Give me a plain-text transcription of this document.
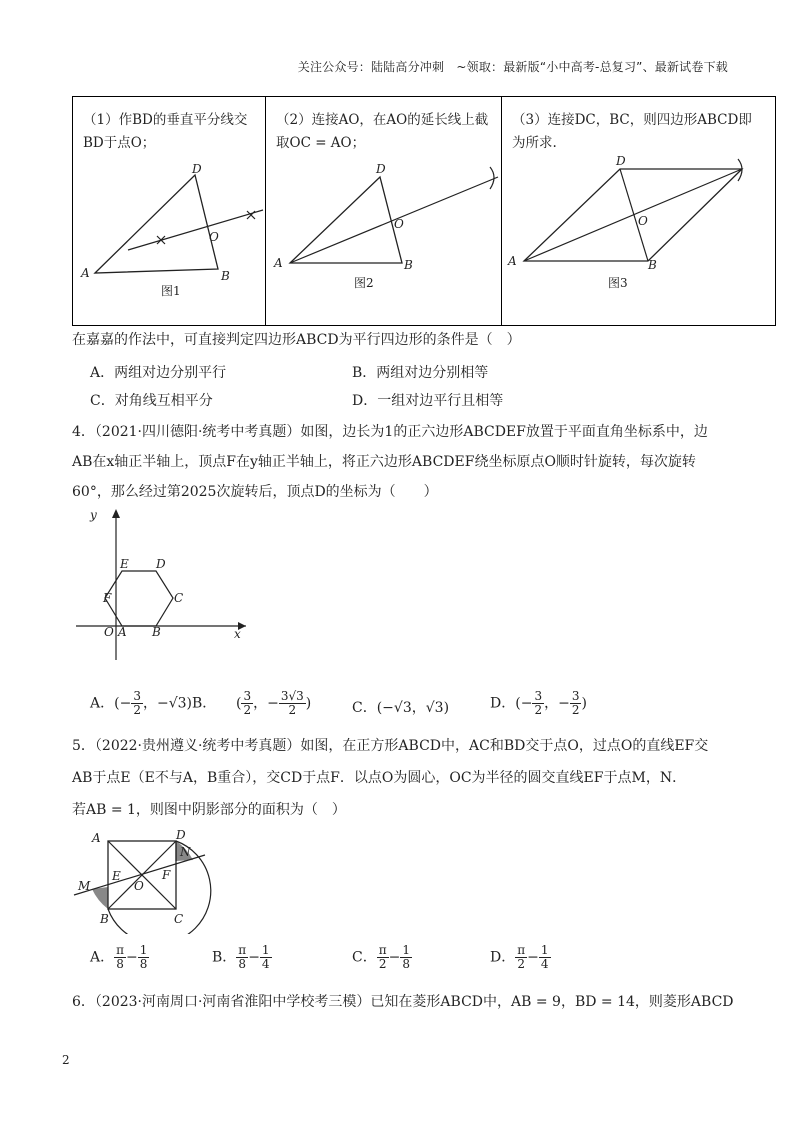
关注公众号：陆陆高分冲刺　~领取：最新版“小中高考-总复习”、最新试卷下载
（1）作BD的垂直平分线交BD于点O；
A
D
O
B
图1
（2）连接AO，在AO的延长线上截取OC = AO；
A
D
O
B
图2
（3）连接DC，BC，则四边形ABCD即为所求.
A
D
O
B
图3
在嘉嘉的作法中，可直接判定四边形ABCD为平行四边形的条件是（　）
A．两组对边分别平行	B．两组对边分别相等
C．对角线互相平分	D．一组对边平行且相等
4．（2021·四川德阳·统考中考真题）如图，边长为1的正六边形ABCDEF放置于平面直角坐标系中，边
AB在x轴正半轴上，顶点F在y轴正半轴上，将正六边形ABCDEF绕坐标原点O顺时针旋转，每次旋转
60°，那么经过第2025次旋转后，顶点D的坐标为（　　）
y
x
O A B
C
D
E
F
A．(− $\frac{3}{2}$ ，−√3)B． ( $\frac{3}{2}$ ，− $\frac{3√3}{2}$ )	C．(−√3，√3)	D．(− $\frac{3}{2}$ ，− $\frac{3}{2}$ )
5．（2022·贵州遵义·统考中考真题）如图，在正方形ABCD中，AC和BD交于点O，过点O的直线EF交
AB于点E（E不与A，B重合），交CD于点F．以点O为圆心，OC为半径的圆交直线EF于点M，N．
若AB = 1，则图中阴影部分的面积为（　）
A	D
N
M
E
O
F
B	C
A． $\frac{\pi}{8} - \frac{1}{8}$	B． $\frac{\pi}{8} - \frac{1}{4}$	C． $\frac{\pi}{2} - \frac{1}{8}$	D． $\frac{\pi}{2} - \frac{1}{4}$
6．（2023·河南周口·河南省淮阳中学校考三模）已知在菱形ABCD中，AB = 9，BD = 14，则菱形ABCD
2
